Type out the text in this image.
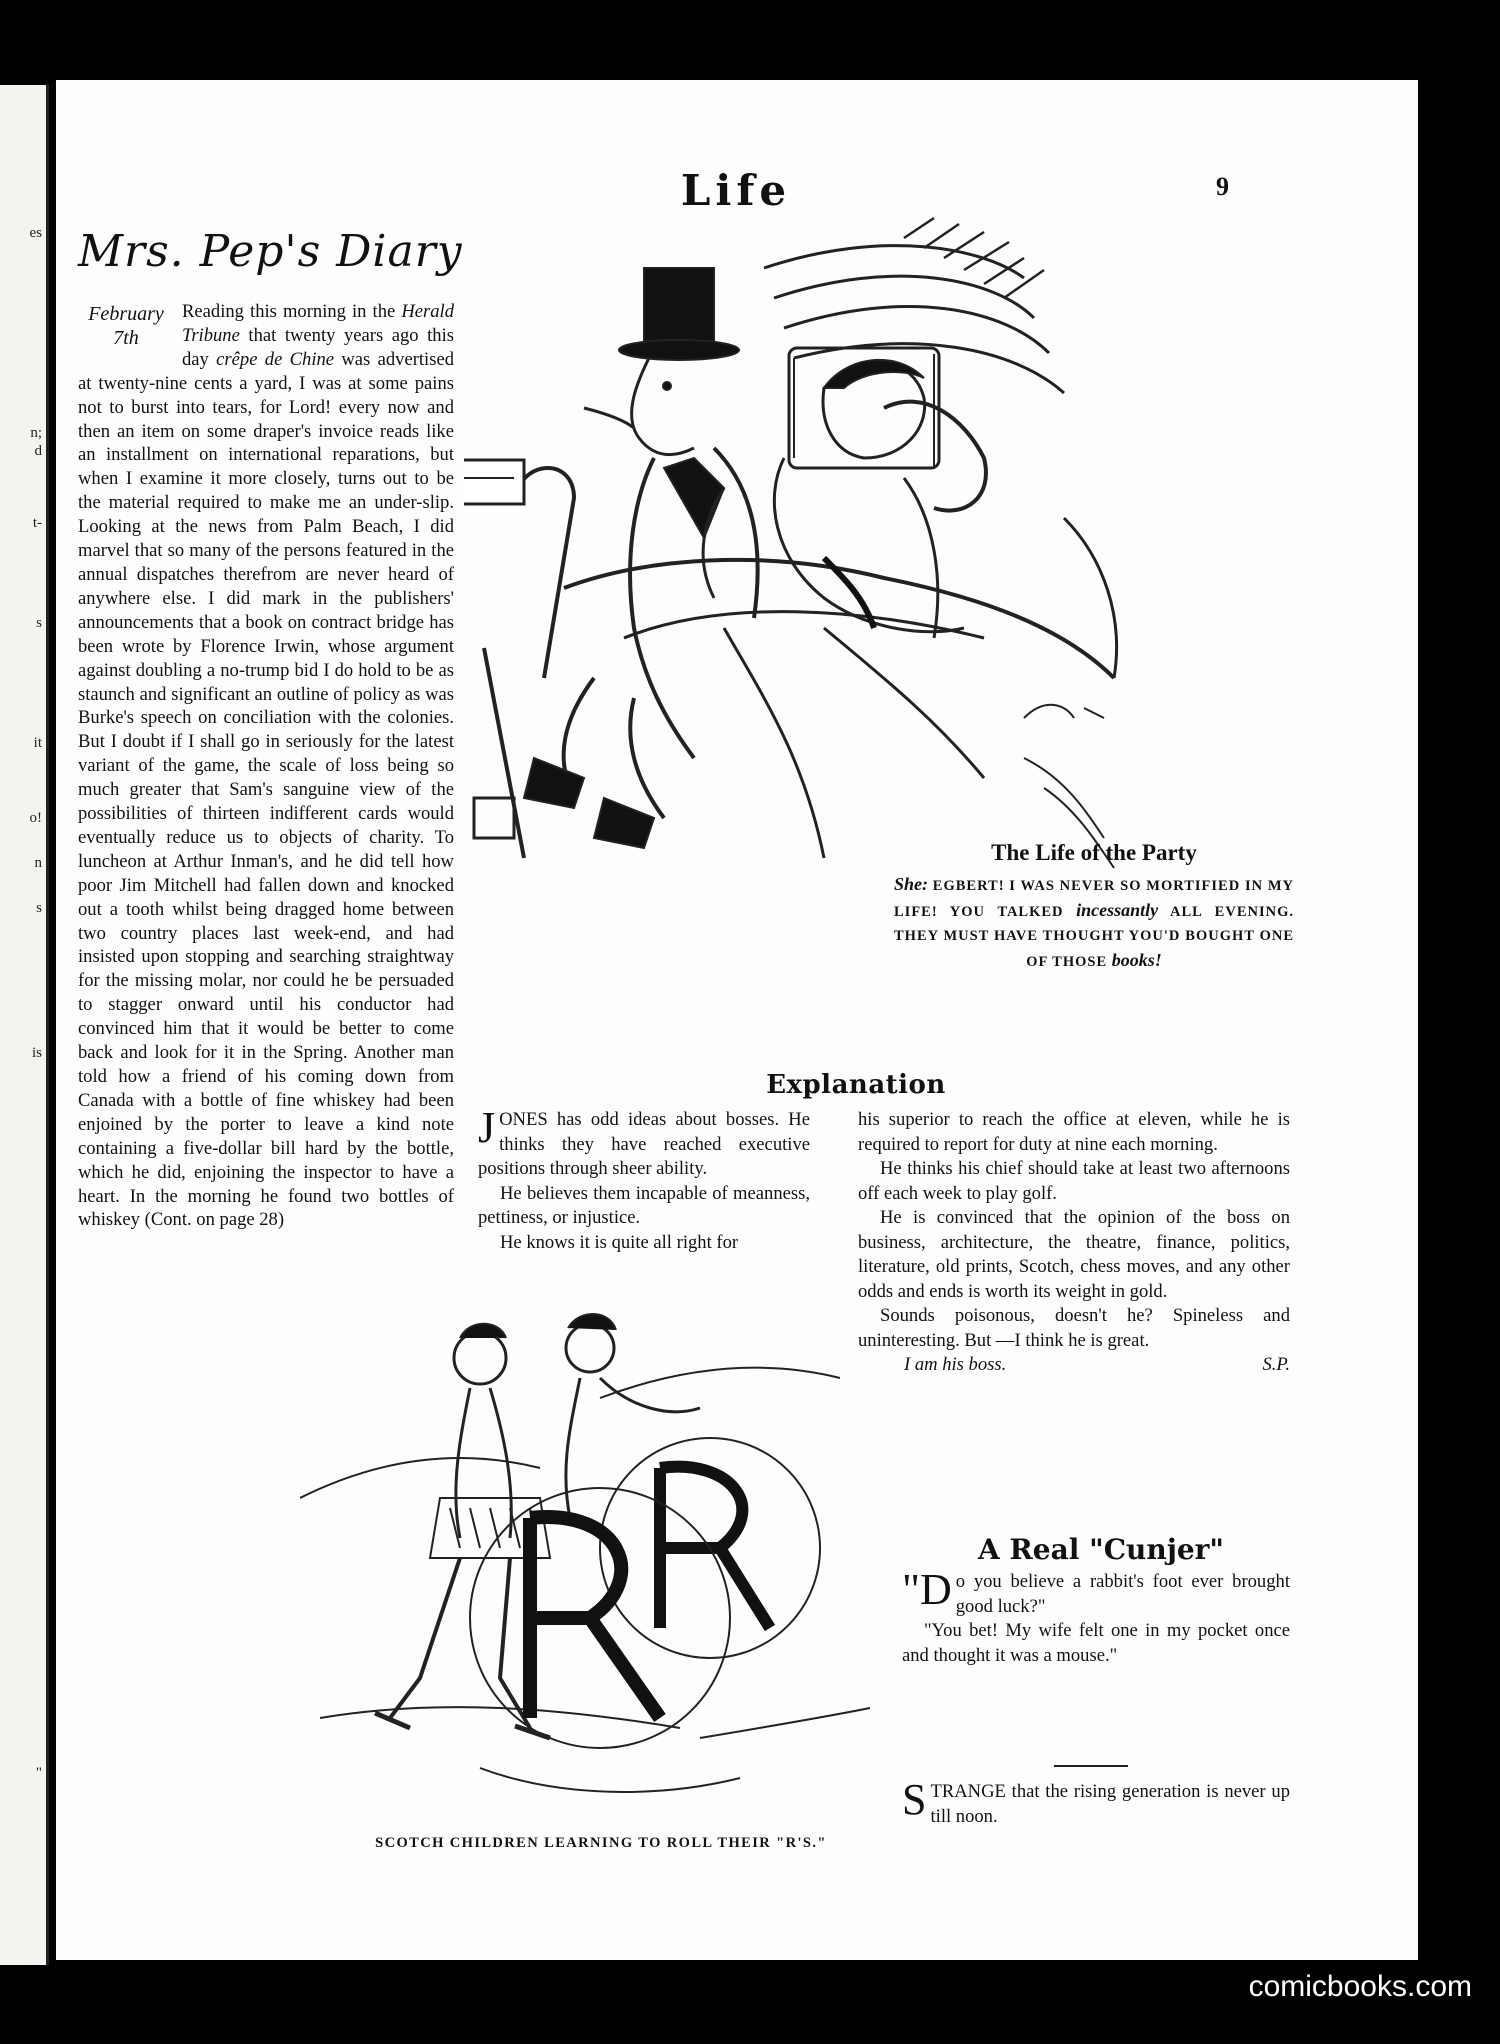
es
n;
d
t-
s
it
o!
n
s
is
"
Life	9
Mrs. Pep's Diary
February
7th

Reading this morning in the Herald Tribune that twenty years ago this day crêpe de Chine was advertised at twenty-nine cents a yard, I was at some pains not to burst into tears, for Lord! every now and then an item on some draper's invoice reads like an installment on international reparations, but when I examine it more closely, turns out to be the material required to make me an under-slip. Looking at the news from Palm Beach, I did marvel that so many of the persons featured in the annual dispatches therefrom are never heard of anywhere else. I did mark in the publishers' announcements that a book on contract bridge has been wrote by Florence Irwin, whose argument against doubling a no-trump bid I do hold to be as staunch and significant an outline of policy as was Burke's speech on conciliation with the colonies. But I doubt if I shall go in seriously for the latest variant of the game, the scale of loss being so much greater that Sam's sanguine view of the possibilities of thirteen indifferent cards would eventually reduce us to objects of charity. To luncheon at Arthur Inman's, and he did tell how poor Jim Mitchell had fallen down and knocked out a tooth whilst being dragged home between two country places last week-end, and had insisted upon stopping and searching straightway for the missing molar, nor could he be persuaded to stagger onward until his conductor had convinced him that it would be better to come back and look for it in the Spring. Another man told how a friend of his coming down from Canada with a bottle of fine whiskey had been enjoined by the porter to leave a kind note containing a five-dollar bill hard by the bottle, which he did, enjoining the inspector to have a heart. In the morning he found two bottles of whiskey (Cont. on page 28)

The Life of the Party
She: EGBERT! I WAS NEVER SO MORTIFIED IN MY LIFE! YOU TALKED incessantly ALL EVENING. THEY MUST HAVE THOUGHT YOU'D BOUGHT ONE OF THOSE books!
Explanation

JONES has odd ideas about bosses. He thinks they have reached executive positions through sheer ability.

He believes them incapable of meanness, pettiness, or injustice.

He knows it is quite all right for

his superior to reach the office at eleven, while he is required to report for duty at nine each morning.

He thinks his chief should take at least two afternoons off each week to play golf.

He is convinced that the opinion of the boss on business, architecture, the theatre, finance, politics, literature, old prints, Scotch, chess moves, and any other odds and ends is worth its weight in gold.

Sounds poisonous, doesn't he? Spineless and uninteresting. But —I think he is great.

I am his boss.	S.P.
A Real "Cunjer"

"D o you believe a rabbit's foot ever brought good luck?"

"You bet! My wife felt one in my pocket once and thought it was a mouse."

STRANGE that the rising generation is never up till noon.

SCOTCH CHILDREN LEARNING TO ROLL THEIR "R'S."
comicbooks.com
